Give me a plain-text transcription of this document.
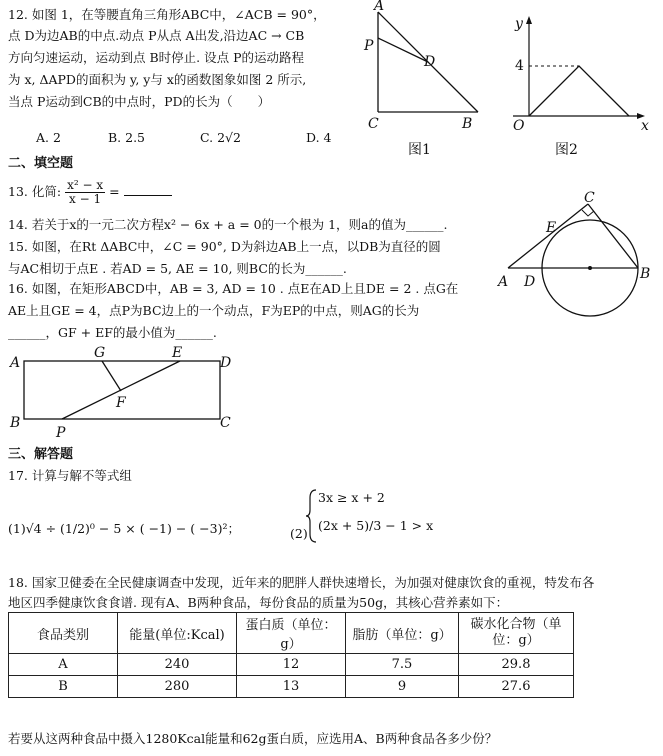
12. 如图 1，在等腰直角三角形ABC中，∠ACB = 90°，
点 D为边AB的中点.动点 P从点 A出发,沿边AC → CB
方向匀速运动，运动到点 B时停止. 设点 P的运动路程
为 x, ΔAPD的面积为 y, y与 x的函数图象如图 2 所示,
当点 P运动到CB的中点时，PD的长为（　　）
A. 2	B. 2.5	C. 2√2	D. 4
A
P
D
C	B
图1
y
x
O
4
图2
二、填空题
13. 化简: $\frac{\text{x² − x}}{x - 1}$ =
14. 若关于x的一元二次方程x² − 6x + a = 0的一个根为 1，则a的值为______.
15. 如图，在Rt ΔABC中，∠C = 90°, D为斜边AB上一点，以DB为直径的圆
与AC相切于点E . 若AD = 5, AE = 10, 则BC的长为______.
16. 如图，在矩形ABCD中，AB = 3, AD = 10 . 点E在AD上且DE = 2 . 点G在
AE上且GE = 4，点P为BC边上的一个动点，F为EP的中点，则AG的长为
______，GF + EF的最小值为______.
C
E
A D	B
A
B	C
D
G	E
F
P
三、解答题
17. 计算与解不等式组
(1)√4 ÷ (1/2)⁰ − 5 × ( −1) − ( −3)²；	(2)
3x ≥ x + 2
(2x + 5)/3 − 1 > x
18. 国家卫健委在全民健康调查中发现，近年来的肥胖人群快速增长，为加强对健康饮食的重视，特发布各
地区四季健康饮食食谱. 现有A、B两种食品，每份食品的质量为50g，其核心营养素如下：
食品类别	能量(单位:Kcal)	蛋白质（单位：g）	脂肪（单位：g）	碳水化合物（单位：g）
A	240	12	7.5	29.8
B	280	13	9	27.6
若要从这两种食品中摄入1280Kcal能量和62g蛋白质，应选用A、B两种食品各多少份？
